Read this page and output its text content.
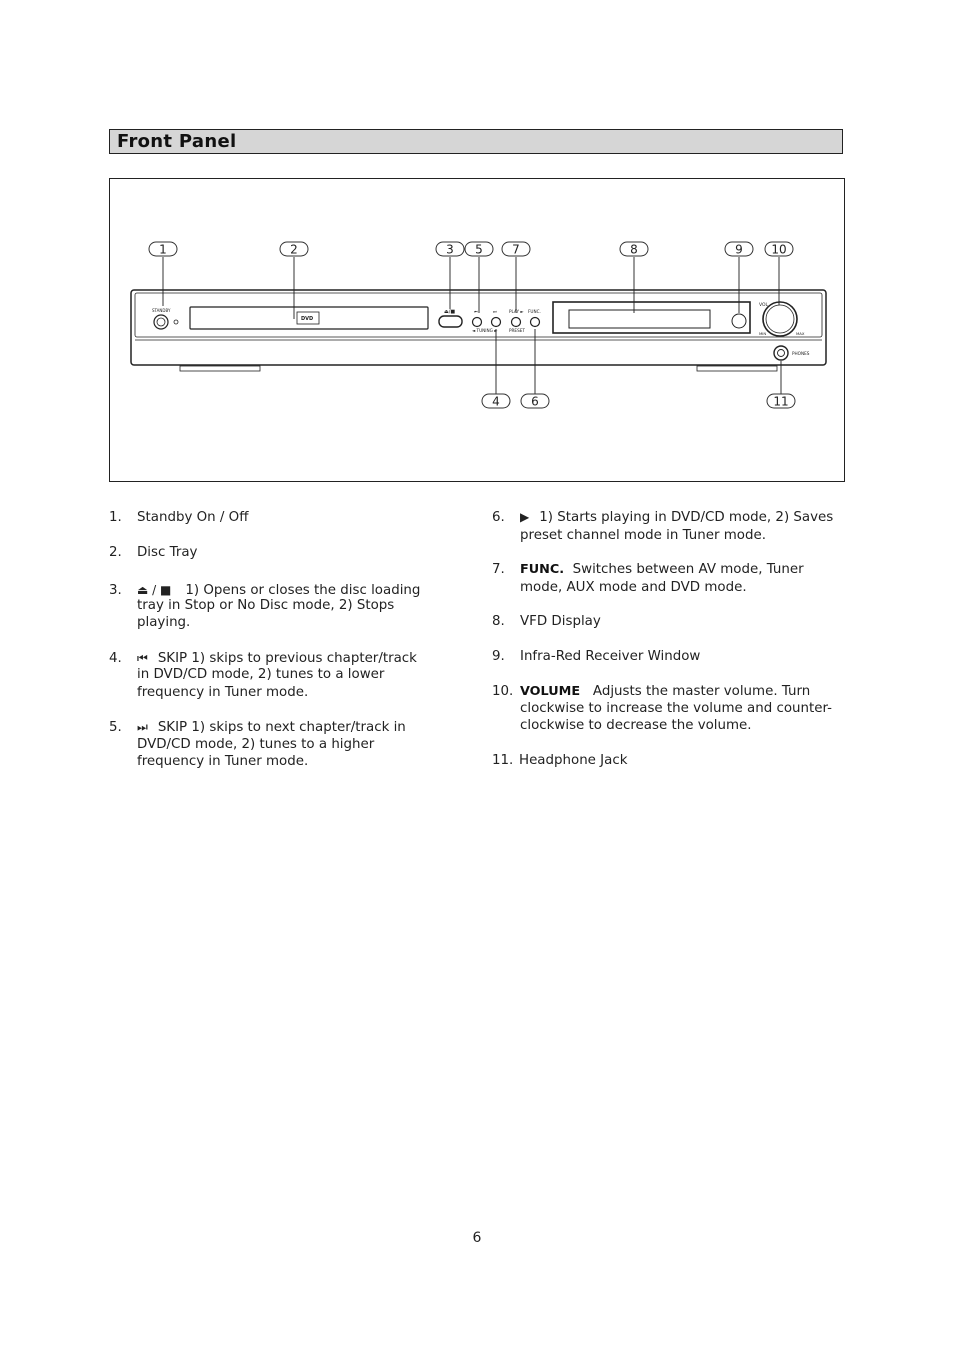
Front Panel
STANDBY
DVD
⏏/■	⏮	⏭	PLAY ► FUNC.
◄ TUNING ►	PRESET
VOL
MIN	MAX
PHONES
1	2	3 5 7	8	9 10
4	6	11
1. Standby On / Off
2. Disc Tray
3. ⏏ / ■ 1) Opens or closes the disc loading
tray in Stop or No Disc mode, 2) Stops
playing.
4. ⏮ SKIP 1) skips to previous chapter/track
in DVD/CD mode, 2) tunes to a lower
frequency in Tuner mode.
5. ⏭ SKIP 1) skips to next chapter/track in
DVD/CD mode, 2) tunes to a higher
frequency in Tuner mode.
6. ▶ 1) Starts playing in DVD/CD mode, 2) Saves
preset channel mode in Tuner mode.
7. FUNC. Switches between AV mode, Tuner
mode, AUX mode and DVD mode.
8. VFD Display
9. Infra-Red Receiver Window
10. VOLUME Adjusts the master volume. Turn
clockwise to increase the volume and counter-
clockwise to decrease the volume.
11. Headphone Jack
6
